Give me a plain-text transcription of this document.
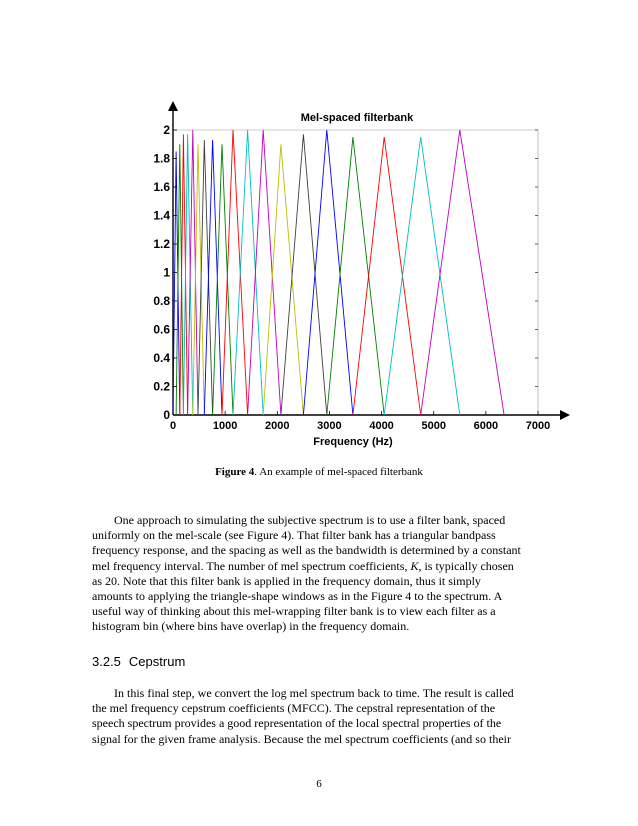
0	1000	2000	3000	4000	5000	6000	7000
0
0.2
0.4
0.6
0.8
1
1.2
1.4
1.6
1.8
2
Mel-spaced filterbank
Frequency (Hz)
Figure 4. An example of mel-spaced filterbank
One approach to simulating the subjective spectrum is to use a filter bank, spaced
uniformly on the mel-scale (see Figure 4). That filter bank has a triangular bandpass
frequency response, and the spacing as well as the bandwidth is determined by a constant
mel frequency interval. The number of mel spectrum coefficients, K, is typically chosen
as 20. Note that this filter bank is applied in the frequency domain, thus it simply
amounts to applying the triangle-shape windows as in the Figure 4 to the spectrum. A
useful way of thinking about this mel-wrapping filter bank is to view each filter as a
histogram bin (where bins have overlap) in the frequency domain.
3.2.5 Cepstrum
In this final step, we convert the log mel spectrum back to time. The result is called
the mel frequency cepstrum coefficients (MFCC). The cepstral representation of the
speech spectrum provides a good representation of the local spectral properties of the
signal for the given frame analysis. Because the mel spectrum coefficients (and so their
6
